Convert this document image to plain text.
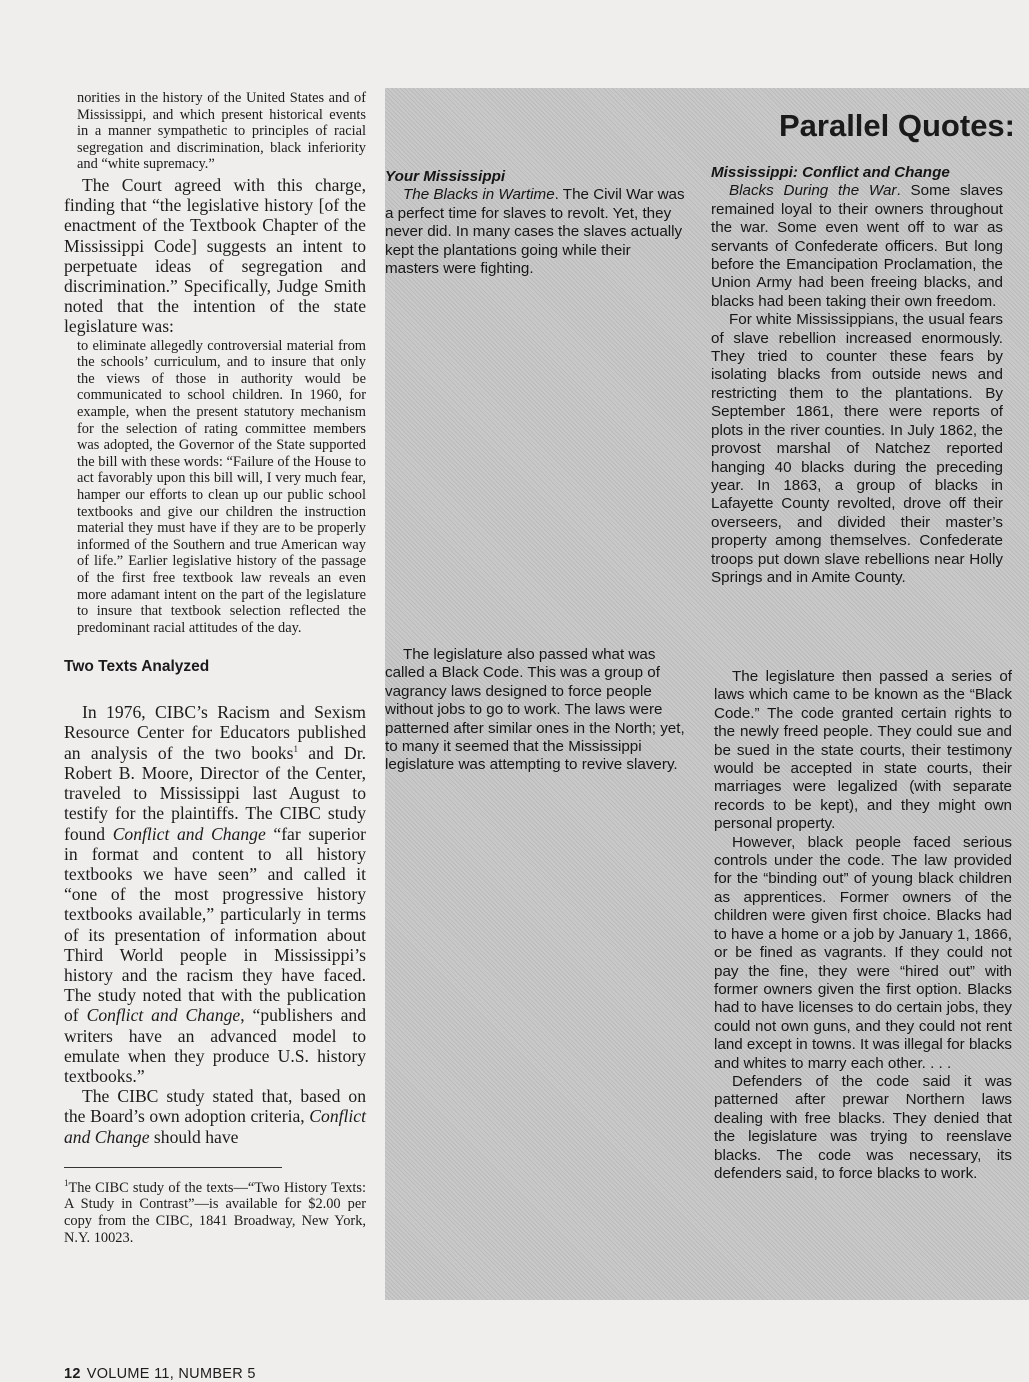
norities in the history of the United States and of Mississippi, and which present historical events in a manner sympathetic to principles of racial segregation and discrimination, black inferiority and “white supremacy.”

The Court agreed with this charge, finding that “the legislative history [of the enactment of the Textbook Chapter of the Mississippi Code] suggests an intent to perpetuate ideas of segregation and discrimination.” Specifically, Judge Smith noted that the intention of the state legislature was:

to eliminate allegedly controversial material from the schools’ curriculum, and to insure that only the views of those in authority would be communicated to school children. In 1960, for example, when the present statutory mechanism for the selection of rating committee members was adopted, the Governor of the State supported the bill with these words: “Failure of the House to act favorably upon this bill will, I very much fear, hamper our efforts to clean up our public school textbooks and give our children the instruction material they must have if they are to be properly informed of the Southern and true American way of life.” Earlier legislative history of the passage of the first free textbook law reveals an even more adamant intent on the part of the legislature to insure that textbook selection reflected the predominant racial attitudes of the day.

Two Texts Analyzed

In 1976, CIBC’s Racism and Sexism Resource Center for Educators published an analysis of the two books$^1$ and Dr. Robert B. Moore, Director of the Center, traveled to Mississippi last August to testify for the plaintiffs. The CIBC study found Conflict and Change “far superior in format and content to all history textbooks we have seen” and called it “one of the most progressive history textbooks available,” particularly in terms of its presentation of information about Third World people in Mississippi’s history and the racism they have faced. The study noted that with the publication of Conflict and Change, “publishers and writers have an advanced model to emulate when they produce U.S. history textbooks.”

The CIBC study stated that, based on the Board’s own adoption criteria, Conflict and Change should have

$^1$The CIBC study of the texts—“Two History Texts: A Study in Contrast”—is available for $2.00 per copy from the CIBC, 1841 Broadway, New York, N.Y. 10023.

12 VOLUME 11, NUMBER 5
Parallel Quotes:
Your Mississippi

The Blacks in Wartime. The Civil War was a perfect time for slaves to revolt. Yet, they never did. In many cases the slaves actually kept the plantations going while their masters were fighting.

The legislature also passed what was called a Black Code. This was a group of vagrancy laws designed to force people without jobs to go to work. The laws were patterned after similar ones in the North; yet, to many it seemed that the Mississippi legislature was attempting to revive slavery.

Mississippi: Conflict and Change

Blacks During the War. Some slaves remained loyal to their owners throughout the war. Some even went off to war as servants of Confederate officers. But long before the Emancipation Proclamation, the Union Army had been freeing blacks, and blacks had been taking their own freedom.

For white Mississippians, the usual fears of slave rebellion increased enormously. They tried to counter these fears by isolating blacks from outside news and restricting them to the plantations. By September 1861, there were reports of plots in the river counties. In July 1862, the provost marshal of Natchez reported hanging 40 blacks during the preceding year. In 1863, a group of blacks in Lafayette County revolted, drove off their overseers, and divided their master’s property among themselves. Confederate troops put down slave rebellions near Holly Springs and in Amite County.

The legislature then passed a series of laws which came to be known as the “Black Code.” The code granted certain rights to the newly freed people. They could sue and be sued in the state courts, their testimony would be accepted in state courts, their marriages were legalized (with separate records to be kept), and they might own personal property.

However, black people faced serious controls under the code. The law provided for the “binding out” of young black children as apprentices. Former owners of the children were given first choice. Blacks had to have a home or a job by January 1, 1866, or be fined as vagrants. If they could not pay the fine, they were “hired out” with former owners given the first option. Blacks had to have licenses to do certain jobs, they could not own guns, and they could not rent land except in towns. It was illegal for blacks and whites to marry each other. . . .

Defenders of the code said it was patterned after prewar Northern laws dealing with free blacks. They denied that the legislature was trying to reenslave blacks. The code was necessary, its defenders said, to force blacks to work.
